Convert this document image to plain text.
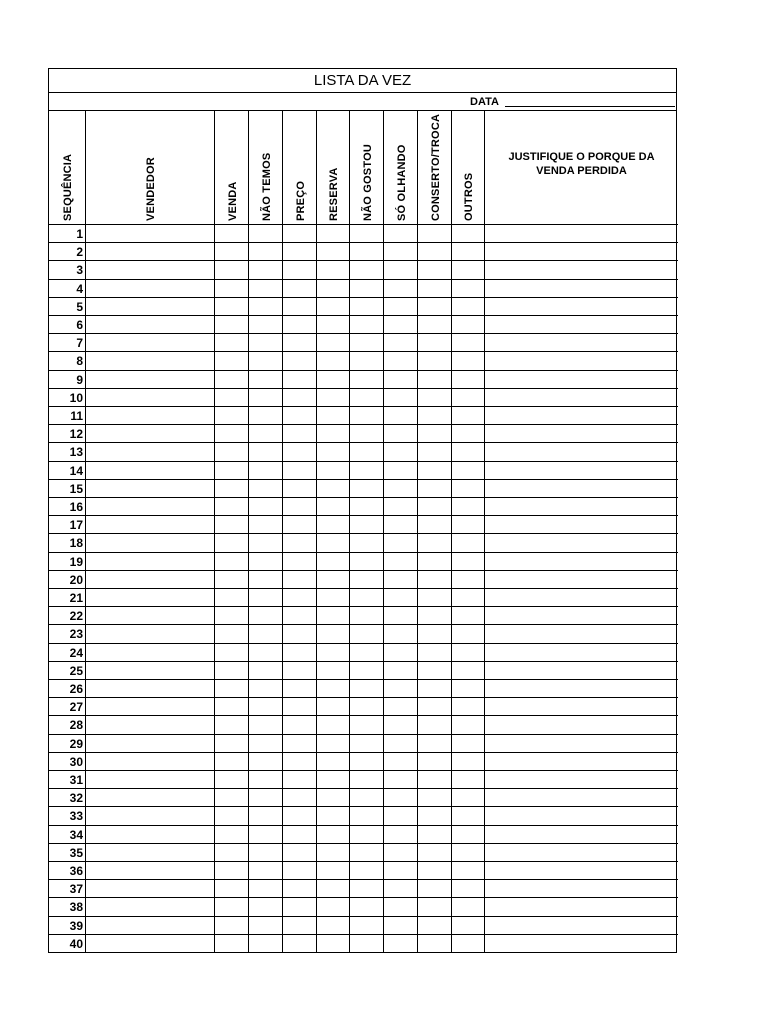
LISTA DA VEZ
DATA
SEQUÊNCIA	VENDEDOR	VENDA NÃO TEMOS PREÇO RESERVA NÃO GOSTOU SÓ OLHANDO CONSERTO/TROCA OUTROS
JUSTIFIQUE O PORQUE DA VENDA PERDIDA
1
2
3
4
5
6
7
8
9
10
11
12
13
14
15
16
17
18
19
20
21
22
23
24
25
26
27
28
29
30
31
32
33
34
35
36
37
38
39
40
